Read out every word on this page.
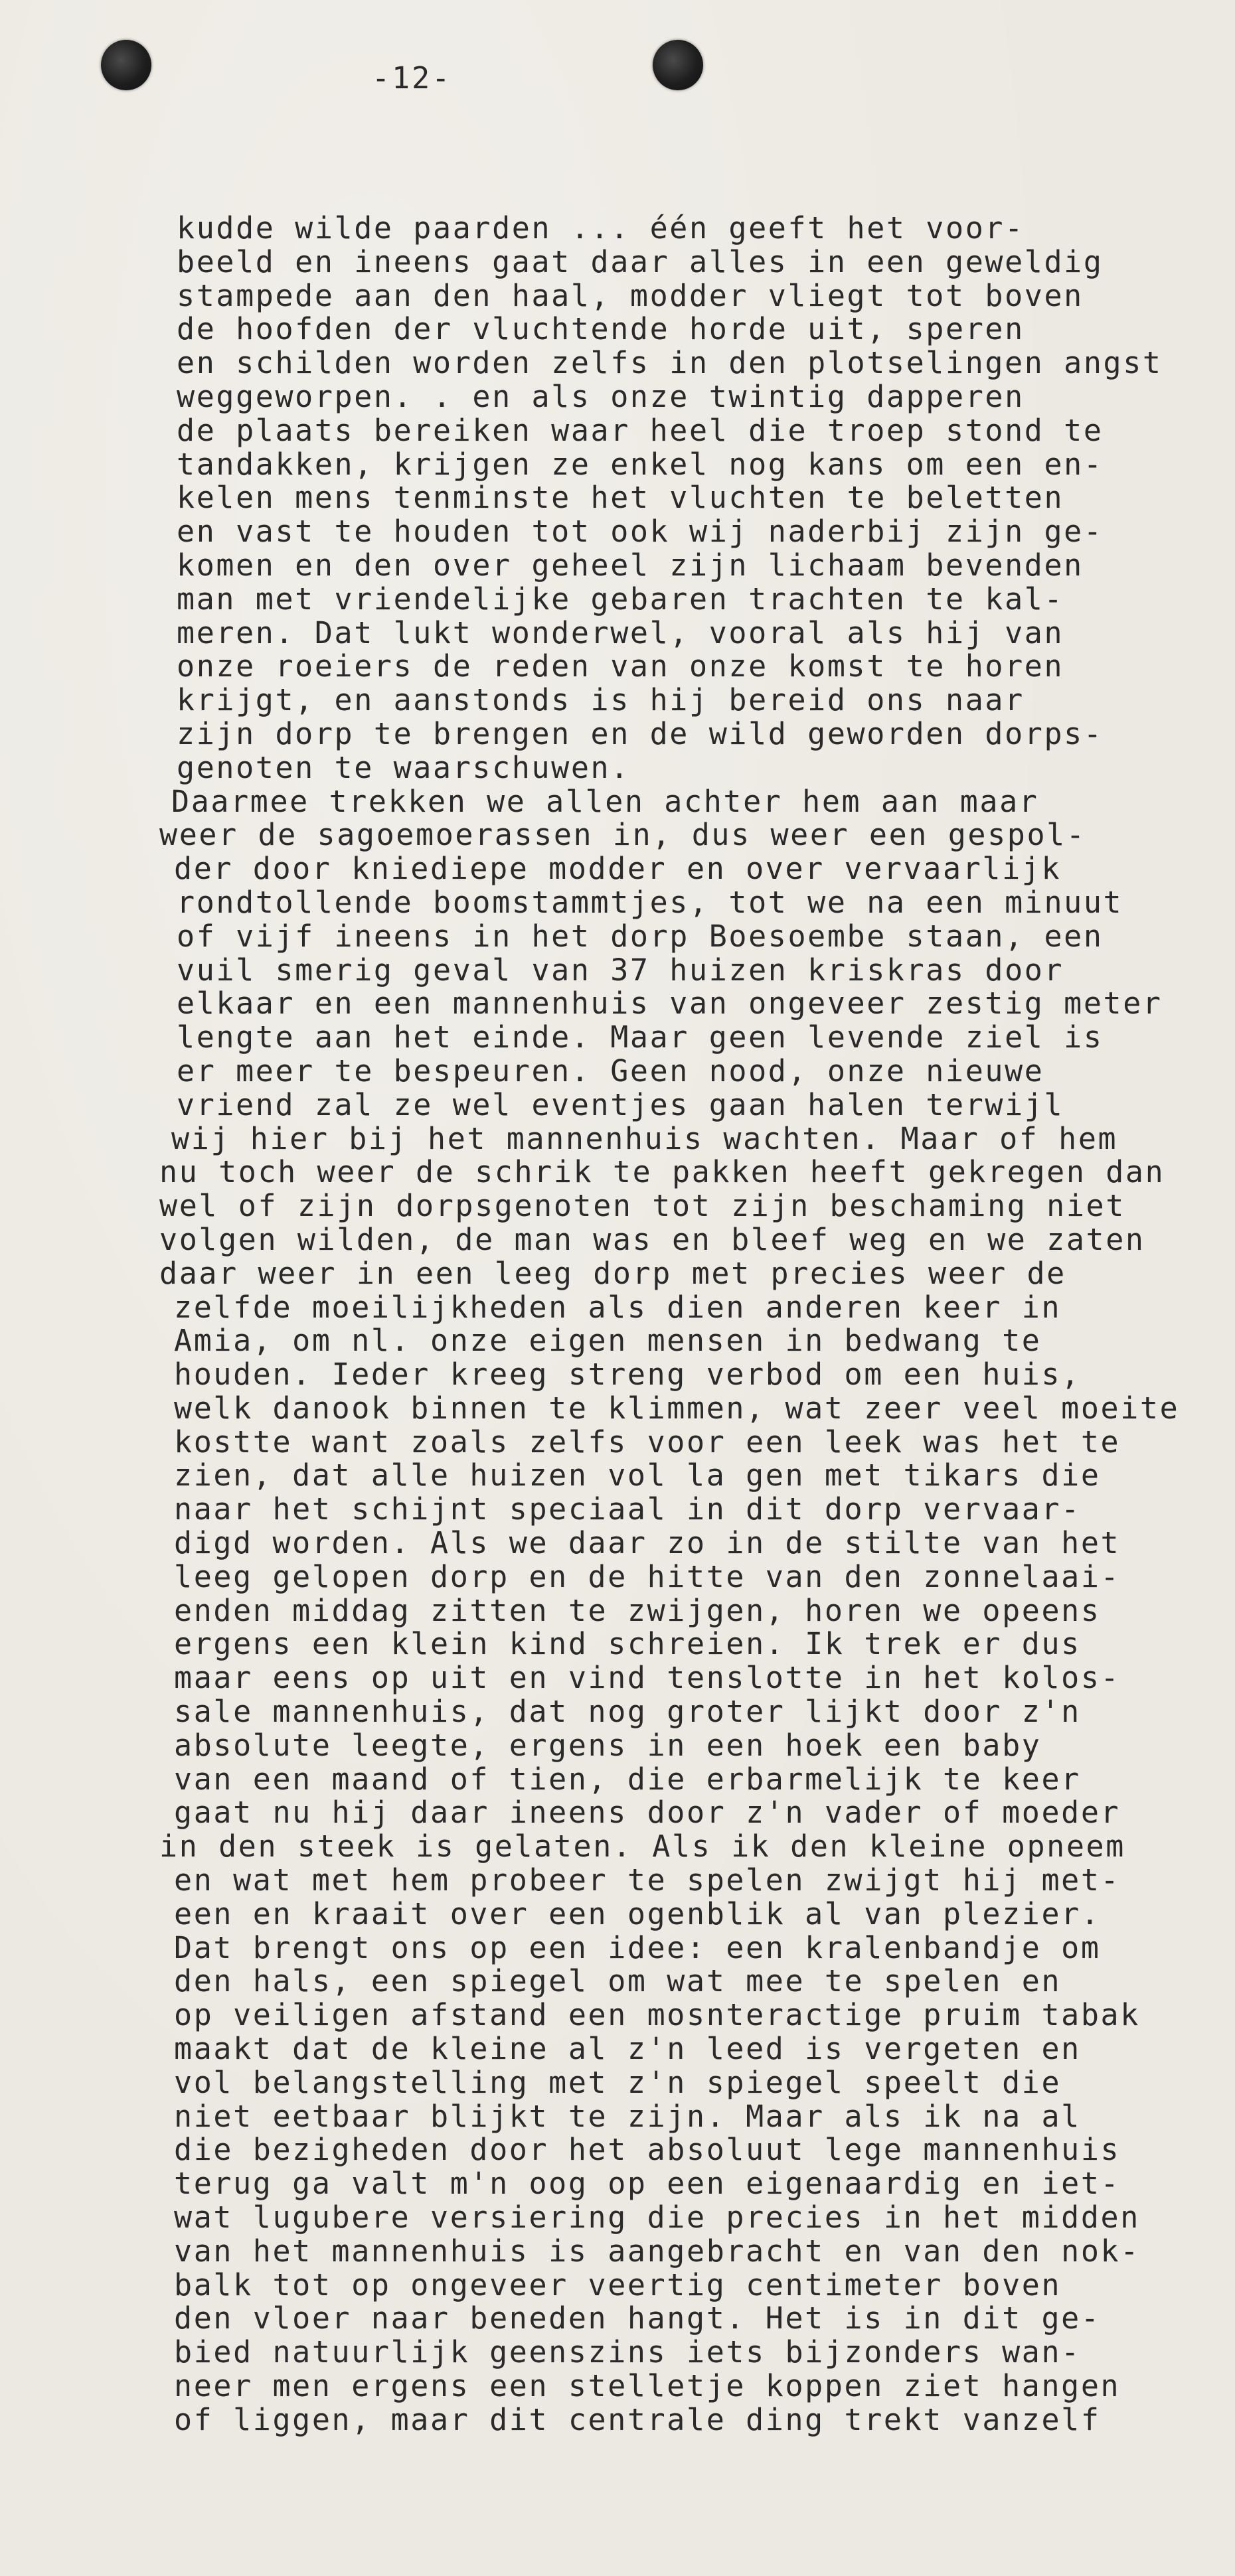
-12-
kudde wilde paarden ... één geeft het voor-
beeld en ineens gaat daar alles in een geweldig
stampede aan den haal, modder vliegt tot boven
de hoofden der vluchtende horde uit, speren
en schilden worden zelfs in den plotselingen angst
weggeworpen. . en als onze twintig dapperen
de plaats bereiken waar heel die troep stond te
tandakken, krijgen ze enkel nog kans om een en-
kelen mens tenminste het vluchten te beletten
en vast te houden tot ook wij naderbij zijn ge-
komen en den over geheel zijn lichaam bevenden
man met vriendelijke gebaren trachten te kal-
meren. Dat lukt wonderwel, vooral als hij van
onze roeiers de reden van onze komst te horen
krijgt, en aanstonds is hij bereid ons naar
zijn dorp te brengen en de wild geworden dorps-
genoten te waarschuwen.
Daarmee trekken we allen achter hem aan maar
weer de sagoemoerassen in, dus weer een gespol-
der door kniediepe modder en over vervaarlijk
rondtollende boomstammtjes, tot we na een minuut
of vijf ineens in het dorp Boesoembe staan, een
vuil smerig geval van 37 huizen kriskras door
elkaar en een mannenhuis van ongeveer zestig meter
lengte aan het einde. Maar geen levende ziel is
er meer te bespeuren. Geen nood, onze nieuwe
vriend zal ze wel eventjes gaan halen terwijl
wij hier bij het mannenhuis wachten. Maar of hem
nu toch weer de schrik te pakken heeft gekregen dan
wel of zijn dorpsgenoten tot zijn beschaming niet
volgen wilden, de man was en bleef weg en we zaten
daar weer in een leeg dorp met precies weer de
zelfde moeilijkheden als dien anderen keer in
Amia, om nl. onze eigen mensen in bedwang te
houden. Ieder kreeg streng verbod om een huis,
welk danook binnen te klimmen, wat zeer veel moeite
kostte want zoals zelfs voor een leek was het te
zien, dat alle huizen vol la gen met tikars die
naar het schijnt speciaal in dit dorp vervaar-
digd worden. Als we daar zo in de stilte van het
leeg gelopen dorp en de hitte van den zonnelaai-
enden middag zitten te zwijgen, horen we opeens
ergens een klein kind schreien. Ik trek er dus
maar eens op uit en vind tenslotte in het kolos-
sale mannenhuis, dat nog groter lijkt door z'n
absolute leegte, ergens in een hoek een baby
van een maand of tien, die erbarmelijk te keer
gaat nu hij daar ineens door z'n vader of moeder
in den steek is gelaten. Als ik den kleine opneem
en wat met hem probeer te spelen zwijgt hij met-
een en kraait over een ogenblik al van plezier.
Dat brengt ons op een idee: een kralenbandje om
den hals, een spiegel om wat mee te spelen en
op veiligen afstand een mosnteractige pruim tabak
maakt dat de kleine al z'n leed is vergeten en
vol belangstelling met z'n spiegel speelt die
niet eetbaar blijkt te zijn. Maar als ik na al
die bezigheden door het absoluut lege mannenhuis
terug ga valt m'n oog op een eigenaardig en iet-
wat lugubere versiering die precies in het midden
van het mannenhuis is aangebracht en van den nok-
balk tot op ongeveer veertig centimeter boven
den vloer naar beneden hangt. Het is in dit ge-
bied natuurlijk geenszins iets bijzonders wan-
neer men ergens een stelletje koppen ziet hangen
of liggen, maar dit centrale ding trekt vanzelf
